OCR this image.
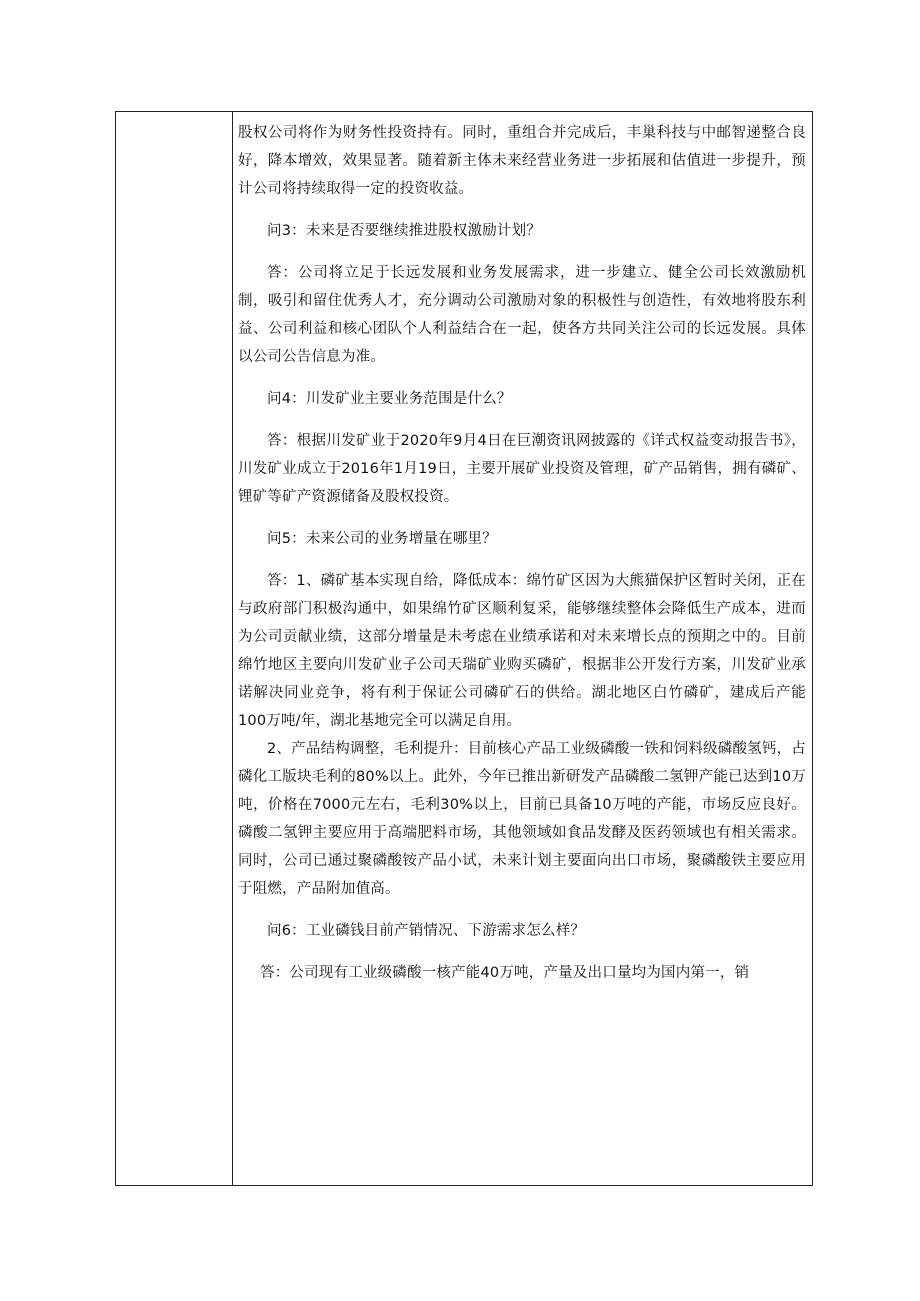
股权公司将作为财务性投资持有。同时，重组合并完成后，丰巢科技与中邮智递整合良好，降本增效，效果显著。随着新主体未来经营业务进一步拓展和估值进一步提升，预计公司将持续取得一定的投资收益。

问3：未来是否要继续推进股权激励计划？

答：公司将立足于长远发展和业务发展需求，进一步建立、健全公司长效激励机制，吸引和留住优秀人才，充分调动公司激励对象的积极性与创造性，有效地将股东利益、公司利益和核心团队个人利益结合在一起，使各方共同关注公司的长远发展。具体以公司公告信息为准。

问4：川发矿业主要业务范围是什么？

答：根据川发矿业于2020年9月4日在巨潮资讯网披露的《详式权益变动报告书》，川发矿业成立于2016年1月19日，主要开展矿业投资及管理，矿产品销售，拥有磷矿、锂矿等矿产资源储备及股权投资。

问5：未来公司的业务增量在哪里？

答：1、磷矿基本实现自给，降低成本：绵竹矿区因为大熊猫保护区暂时关闭，正在与政府部门积极沟通中，如果绵竹矿区顺利复采，能够继续整体会降低生产成本，进而为公司贡献业绩，这部分增量是未考虑在业绩承诺和对未来增长点的预期之中的。目前绵竹地区主要向川发矿业子公司天瑞矿业购买磷矿，根据非公开发行方案，川发矿业承诺解决同业竞争，将有利于保证公司磷矿石的供给。湖北地区白竹磷矿，建成后产能100万吨/年，湖北基地完全可以满足自用。

2、产品结构调整，毛利提升：目前核心产品工业级磷酸一铁和饲料级磷酸氢钙，占磷化工版块毛利的80%以上。此外，今年已推出新研发产品磷酸二氢钾产能已达到10万吨，价格在7000元左右，毛利30%以上，目前已具备10万吨的产能，市场反应良好。磷酸二氢钾主要应用于高端肥料市场，其他领域如食品发酵及医药领域也有相关需求。同时，公司已通过聚磷酸铵产品小试，未来计划主要面向出口市场，聚磷酸铁主要应用于阻燃，产品附加值高。

问6：工业磷钱目前产销情况、下游需求怎么样？

答：公司现有工业级磷酸一核产能40万吨，产量及出口量均为国内第一，销
